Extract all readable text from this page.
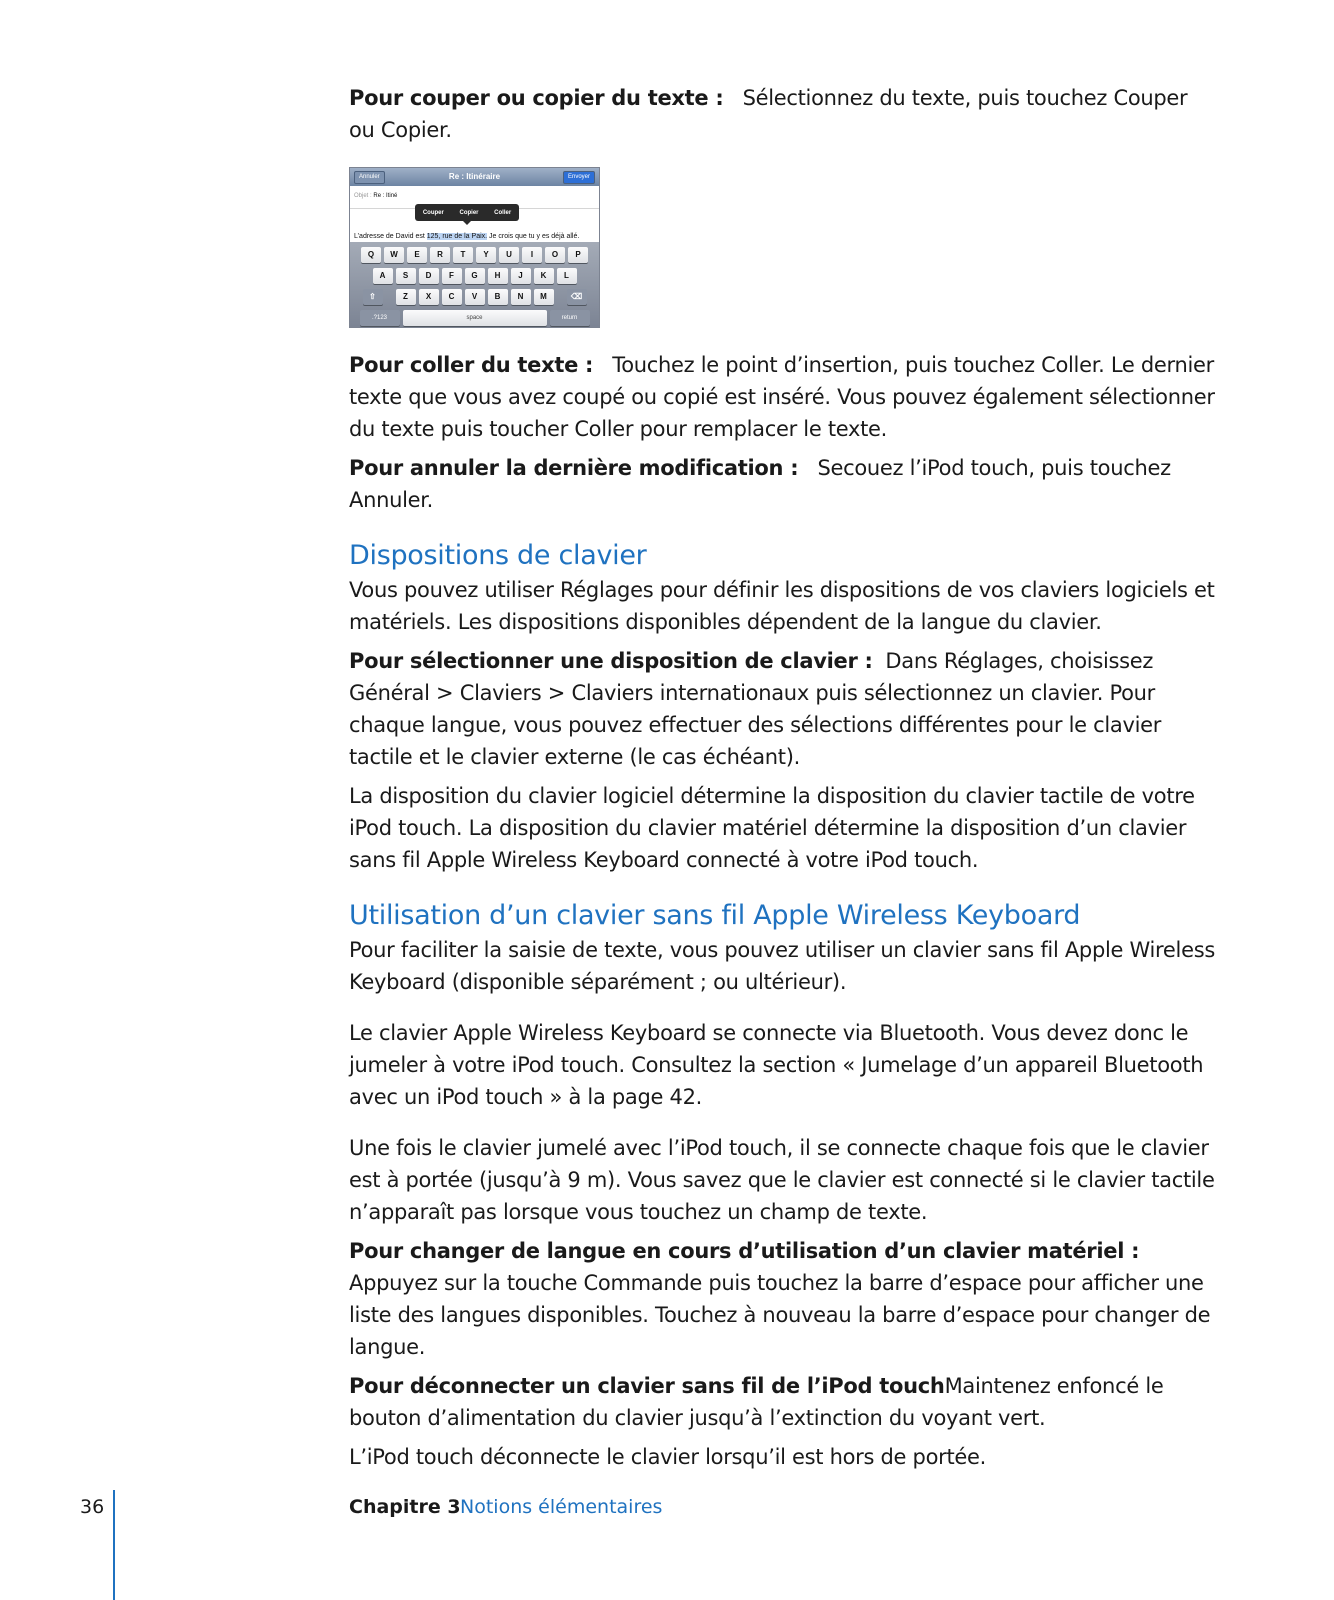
Pour couper ou copier du texte : Sélectionnez du texte, puis touchez Couper ou Copier.

Annuler	Re : Itinéraire	Envoyer
Objet : Re : Itiné
Couper	Copier	Coller
L’adresse de David est 125, rue de la Paix. Je crois que tu y es déjà allé.
Q	W	E	R	T	Y	U	I	O	P
A	S	D	F	G	H	J	K	L
⇧	Z	X	C	V	B	N	M	⌫
.?123	space	return

Pour coller du texte : Touchez le point d’insertion, puis touchez Coller. Le dernier texte que vous avez coupé ou copié est inséré. Vous pouvez également sélectionner du texte puis toucher Coller pour remplacer le texte.

Pour annuler la dernière modification : Secouez l’iPod touch, puis touchez Annuler.

Dispositions de clavier

Vous pouvez utiliser Réglages pour définir les dispositions de vos claviers logiciels et matériels. Les dispositions disponibles dépendent de la langue du clavier.

Pour sélectionner une disposition de clavier : Dans Réglages, choisissez Général > Claviers > Claviers internationaux puis sélectionnez un clavier. Pour chaque langue, vous pouvez effectuer des sélections différentes pour le clavier tactile et le clavier externe (le cas échéant).

La disposition du clavier logiciel détermine la disposition du clavier tactile de votre iPod touch. La disposition du clavier matériel détermine la disposition d’un clavier sans fil Apple Wireless Keyboard connecté à votre iPod touch.

Utilisation d’un clavier sans fil Apple Wireless Keyboard

Pour faciliter la saisie de texte, vous pouvez utiliser un clavier sans fil Apple Wireless Keyboard (disponible séparément ; ou ultérieur).

Le clavier Apple Wireless Keyboard se connecte via Bluetooth. Vous devez donc le jumeler à votre iPod touch. Consultez la section « Jumelage d’un appareil Bluetooth avec un iPod touch » à la page 42.

Une fois le clavier jumelé avec l’iPod touch, il se connecte chaque fois que le clavier est à portée (jusqu’à 9 m). Vous savez que le clavier est connecté si le clavier tactile n’apparaît pas lorsque vous touchez un champ de texte.

Pour changer de langue en cours d’utilisation d’un clavier matériel : Appuyez sur la touche Commande puis touchez la barre d’espace pour afficher une liste des langues disponibles. Touchez à nouveau la barre d’espace pour changer de langue.

Pour déconnecter un clavier sans fil de l’iPod touchMaintenez enfoncé le bouton d’alimentation du clavier jusqu’à l’extinction du voyant vert.

L’iPod touch déconnecte le clavier lorsqu’il est hors de portée.

36	Chapitre 3 Notions élémentaires
